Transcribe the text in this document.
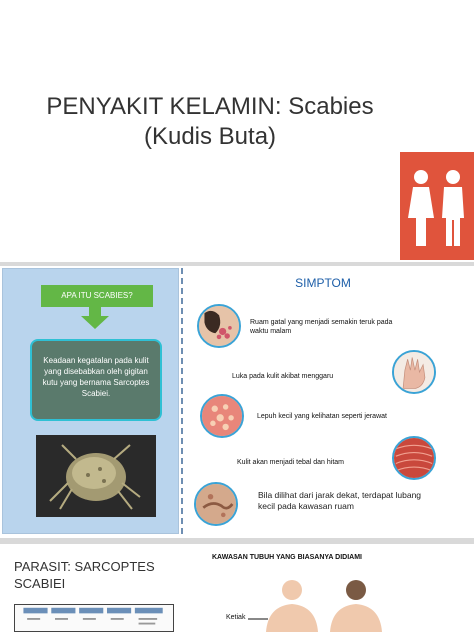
PENYAKIT KELAMIN: Scabies
(Kudis Buta)
APA ITU SCABIES?
Keadaan kegatalan pada kulit yang disebabkan oleh gigitan kutu yang bernama Sarcoptes Scabiei.
SIMPTOM
Ruam gatal yang menjadi semakin teruk pada waktu malam
Luka pada kulit akibat menggaru
Lepuh kecil yang kelihatan seperti jerawat
Kulit akan menjadi tebal dan hitam
Bila dilihat dari jarak dekat, terdapat lubang kecil pada kawasan ruam
PARASIT: SARCOPTES SCABIEI
KAWASAN TUBUH YANG BIASANYA DIDIAMI
Ketiak
